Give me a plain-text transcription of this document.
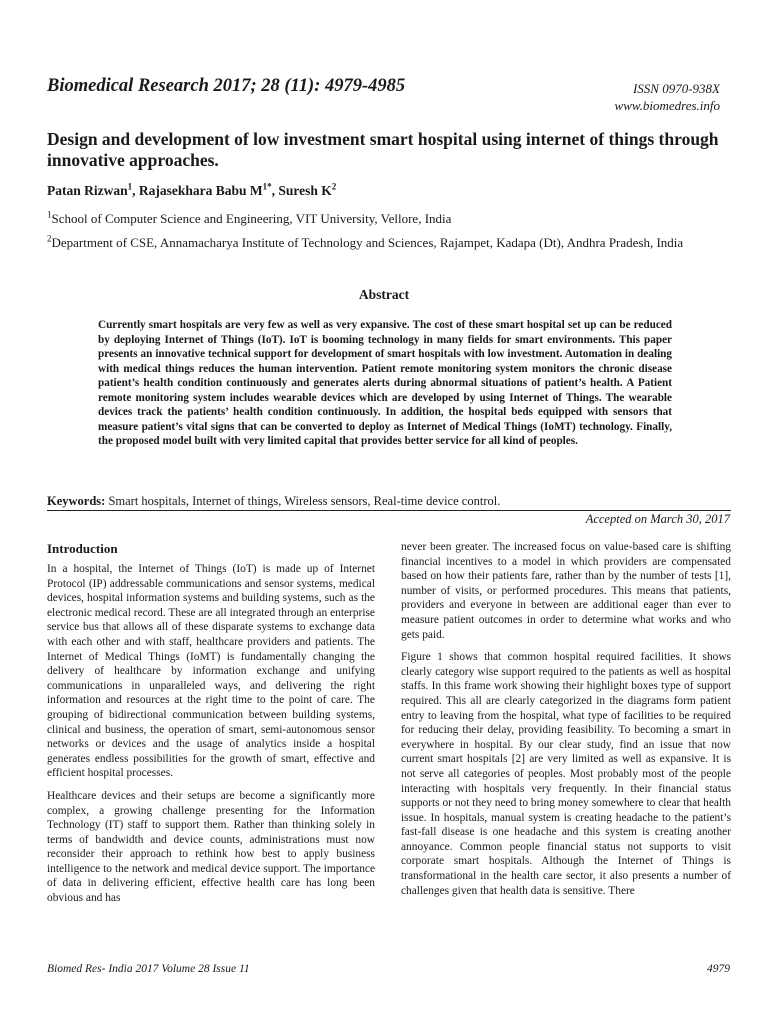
Biomedical Research 2017; 28 (11): 4979-4985	ISSN 0970-938X
www.biomedres.info
Design and development of low investment smart hospital using internet of things through innovative approaches.
Patan Rizwan$^1$, Rajasekhara Babu $M^{1*}$, Suresh $K^2$
$^1$School of Computer Science and Engineering, VIT University, Vellore, India
$^2$Department of CSE, Annamacharya Institute of Technology and Sciences, Rajampet, Kadapa (Dt), Andhra Pradesh, India
Abstract
Currently smart hospitals are very few as well as very expansive. The cost of these smart hospital set up can be reduced by deploying Internet of Things (IoT). IoT is booming technology in many fields for smart environments. This paper presents an innovative technical support for development of smart hospitals with low investment. Automation in dealing with medical things reduces the human intervention. Patient remote monitoring system monitors the chronic disease patient’s health condition continuously and generates alerts during abnormal situations of patient’s health. A Patient remote monitoring system includes wearable devices which are developed by using Internet of Things. The wearable devices track the patients’ health condition continuously. In addition, the hospital beds equipped with sensors that measure patient’s vital signs that can be converted to deploy as Internet of Medical Things (IoMT) technology. Finally, the proposed model built with very limited capital that provides better service for all kind of peoples.
Keywords: Smart hospitals, Internet of things, Wireless sensors, Real-time device control.
Accepted on March 30, 2017
Introduction

In a hospital, the Internet of Things (IoT) is made up of Internet Protocol (IP) addressable communications and sensor systems, medical devices, hospital information systems and building systems, such as the electronic medical record. These are all integrated through an enterprise service bus that allows all of these disparate systems to exchange data with each other and with staff, healthcare providers and patients. The Internet of Medical Things (IoMT) is fundamentally changing the delivery of healthcare by information exchange and unifying communications in unparalleled ways, and delivering the right information and resources at the right time to the point of care. The grouping of bidirectional communication between building systems, clinical and business, the operation of smart, semi-autonomous sensor networks or devices and the usage of analytics inside a hospital generates endless possibilities for the growth of smart, effective and efficient hospital processes.

Healthcare devices and their setups are become a significantly more complex, a growing challenge presenting for the Information Technology (IT) staff to support them. Rather than thinking solely in terms of bandwidth and device counts, administrations must now reconsider their approach to rethink how best to apply business intelligence to the network and medical device support. The importance of data in delivering efficient, effective health care has long been obvious and has

never been greater. The increased focus on value-based care is shifting financial incentives to a model in which providers are compensated based on how their patients fare, rather than by the number of tests [1], number of visits, or performed procedures. This means that patients, providers and everyone in between are additional eager than ever to measure patient outcomes in order to determine what works and who gets paid.

Figure 1 shows that common hospital required facilities. It shows clearly category wise support required to the patients as well as hospital staffs. In this frame work showing their highlight boxes type of support required. This all are clearly categorized in the diagrams form patient entry to leaving from the hospital, what type of facilities to be required for reducing their delay, providing feasibility. To becoming a smart in everywhere in hospital. By our clear study, find an issue that now current smart hospitals [2] are very limited as well as expansive. It is not serve all categories of peoples. Most probably most of the people interacting with hospitals very frequently. In their financial status supports or not they need to bring money somewhere to clear that health issue. In hospitals, manual system is creating headache to the patient’s fast-fall disease is one headache and this system is creating another annoyance. Common people financial status not supports to visit corporate smart hospitals. Although the Internet of Things is transformational in the health care sector, it also presents a number of challenges given that health data is sensitive. There

Biomed Res- India 2017 Volume 28 Issue 11	4979
